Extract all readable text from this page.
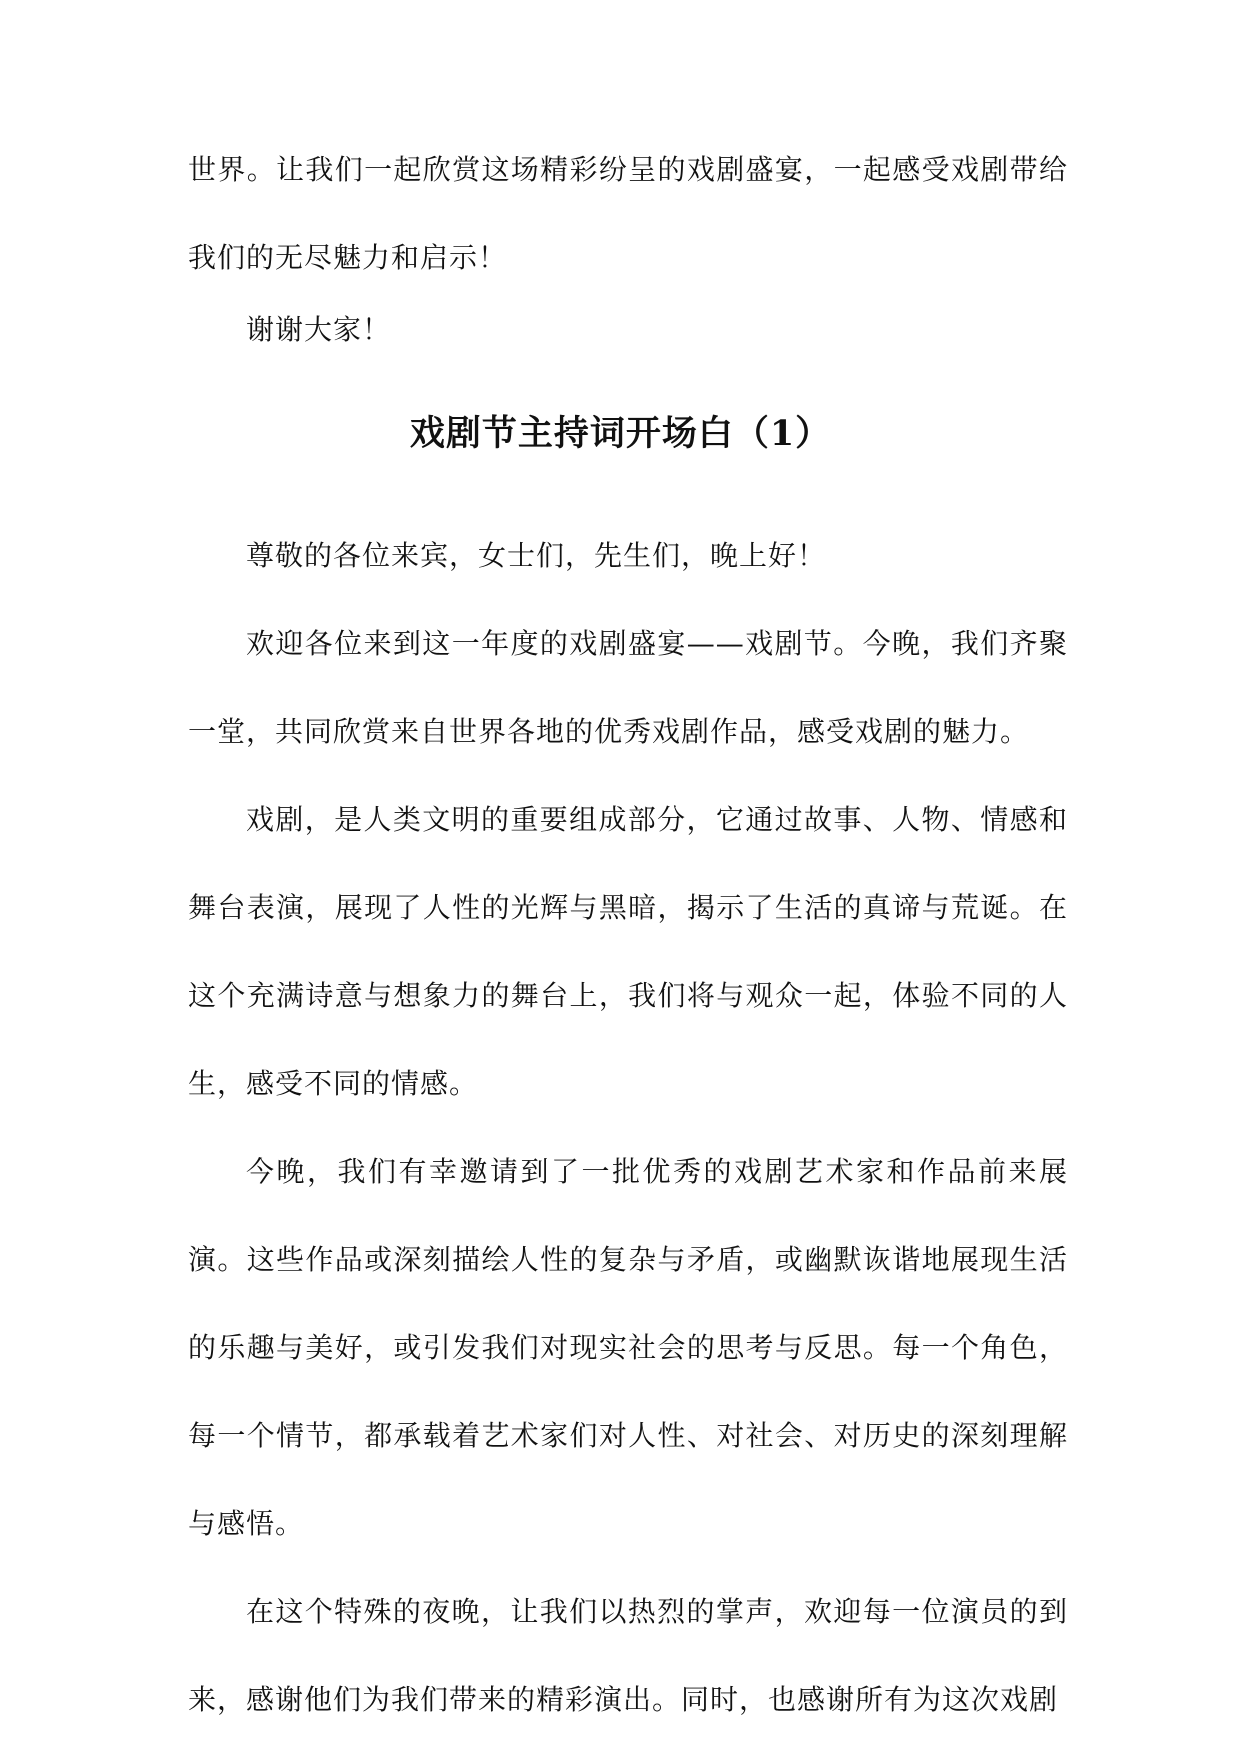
世界。让我们一起欣赏这场精彩纷呈的戏剧盛宴，一起感受戏剧带给我们的无尽魅力和启示！

谢谢大家！

戏剧节主持词开场白（1）

尊敬的各位来宾，女士们，先生们，晚上好！

欢迎各位来到这一年度的戏剧盛宴——戏剧节。今晚，我们齐聚一堂，共同欣赏来自世界各地的优秀戏剧作品，感受戏剧的魅力。

戏剧，是人类文明的重要组成部分，它通过故事、人物、情感和舞台表演，展现了人性的光辉与黑暗，揭示了生活的真谛与荒诞。在这个充满诗意与想象力的舞台上，我们将与观众一起，体验不同的人生，感受不同的情感。

今晚，我们有幸邀请到了一批优秀的戏剧艺术家和作品前来展演。这些作品或深刻描绘人性的复杂与矛盾，或幽默诙谐地展现生活的乐趣与美好，或引发我们对现实社会的思考与反思。每一个角色，每一个情节，都承载着艺术家们对人性、对社会、对历史的深刻理解与感悟。

在这个特殊的夜晚，让我们以热烈的掌声，欢迎每一位演员的到来，感谢他们为我们带来的精彩演出。同时，也感谢所有为这次戏剧
